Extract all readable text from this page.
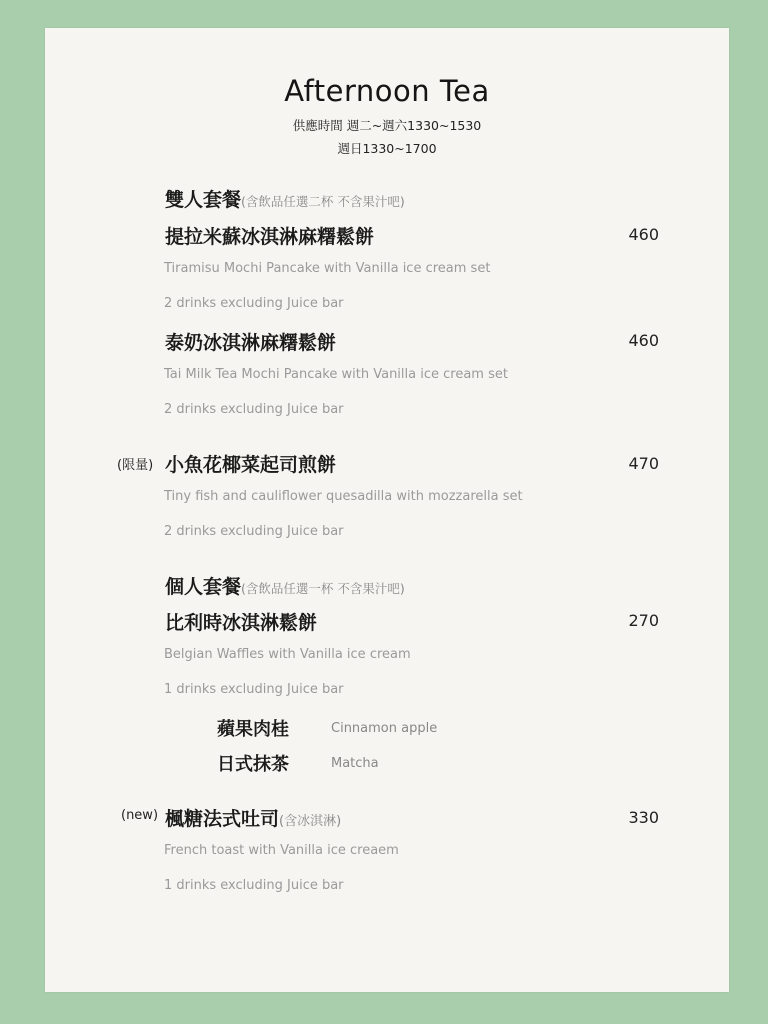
Afternoon Tea
供應時間 週二~週六1330~1530
週日1330~1700
雙人套餐(含飲品任選二杯 不含果汁吧)
提拉米蘇冰淇淋麻糬鬆餅	460
Tiramisu Mochi Pancake with Vanilla ice cream set
2 drinks excluding Juice bar
泰奶冰淇淋麻糬鬆餅	460
Tai Milk Tea Mochi Pancake with Vanilla ice cream set
2 drinks excluding Juice bar
(限量) 小魚花椰菜起司煎餅	470
Tiny fish and cauliflower quesadilla with mozzarella set
2 drinks excluding Juice bar
個人套餐(含飲品任選一杯 不含果汁吧)
比利時冰淇淋鬆餅	270
Belgian Waffles with Vanilla ice cream
1 drinks excluding Juice bar
蘋果肉桂	Cinnamon apple
日式抹茶	Matcha
(new) 楓糖法式吐司(含冰淇淋)	330
French toast with Vanilla ice creaem
1 drinks excluding Juice bar
